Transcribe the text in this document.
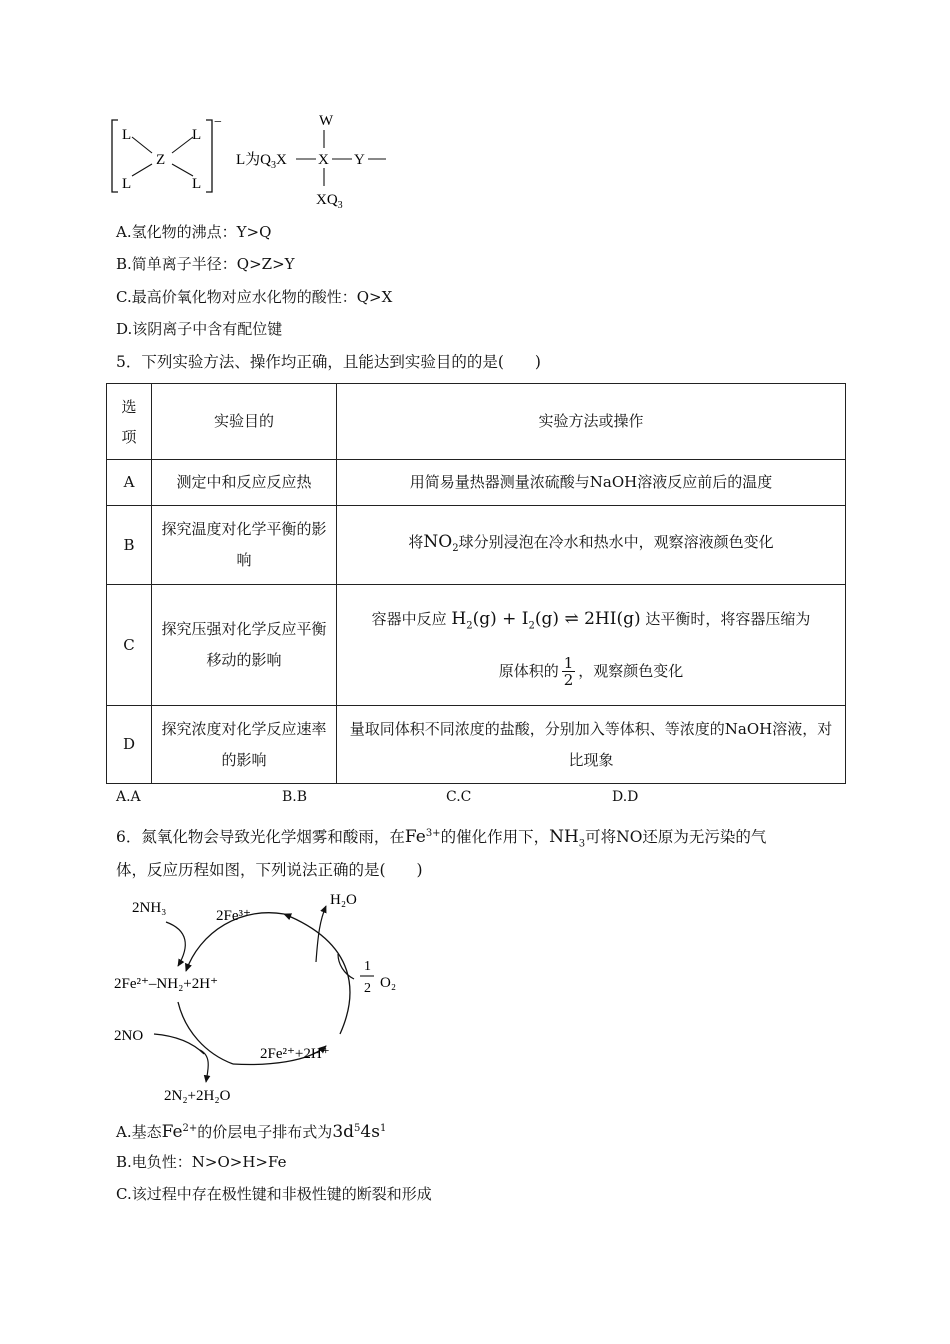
L	L
L	L
Z
−
L为$Q_3X$ X Y
W
$XQ_3$
A.氢化物的沸点：Y>Q
B.简单离子半径：Q>Z>Y
C.最高价氧化物对应水化物的酸性：Q>X
D.该阴离子中含有配位键
5．下列实验方法、操作均正确，且能达到实验目的的是(　　)
选项	实验目的	实验方法或操作
A	测定中和反应反应热	用简易量热器测量浓硫酸与NaOH溶液反应前后的温度
B	探究温度对化学平衡的影响	将$NO_2$球分别浸泡在冷水和热水中，观察溶液颜色变化
C	探究压强对化学反应平衡移动的影响	容器中反应 $H_2(g) + I_2(g)$ ⇌ 2HI(g) 达平衡时，将容器压缩为
原体积的 $\frac{1}{2}$ ，观察颜色变化

D	探究浓度对化学反应速率的影响	量取同体积不同浓度的盐酸，分别加入等体积、等浓度的NaOH溶液，对比现象
A.A	B.B	C.C	D.D
6．氮氧化物会导致光化学烟雾和酸雨，在$Fe^{3+}$的催化作用下，$NH_3$可将NO还原为无污染的气
体，反应历程如图，下列说法正确的是(　　)
2NH₃	2Fe³⁺
H₂O
1
2 O₂
2Fe²⁺–NH₂+2H⁺
2NO
2Fe²⁺+2H⁺
2N₂+2H₂O
A.基态$Fe^{2+}$的价层电子排布式为$3d^54s^1$
B.电负性：N>O>H>Fe
C.该过程中存在极性键和非极性键的断裂和形成
